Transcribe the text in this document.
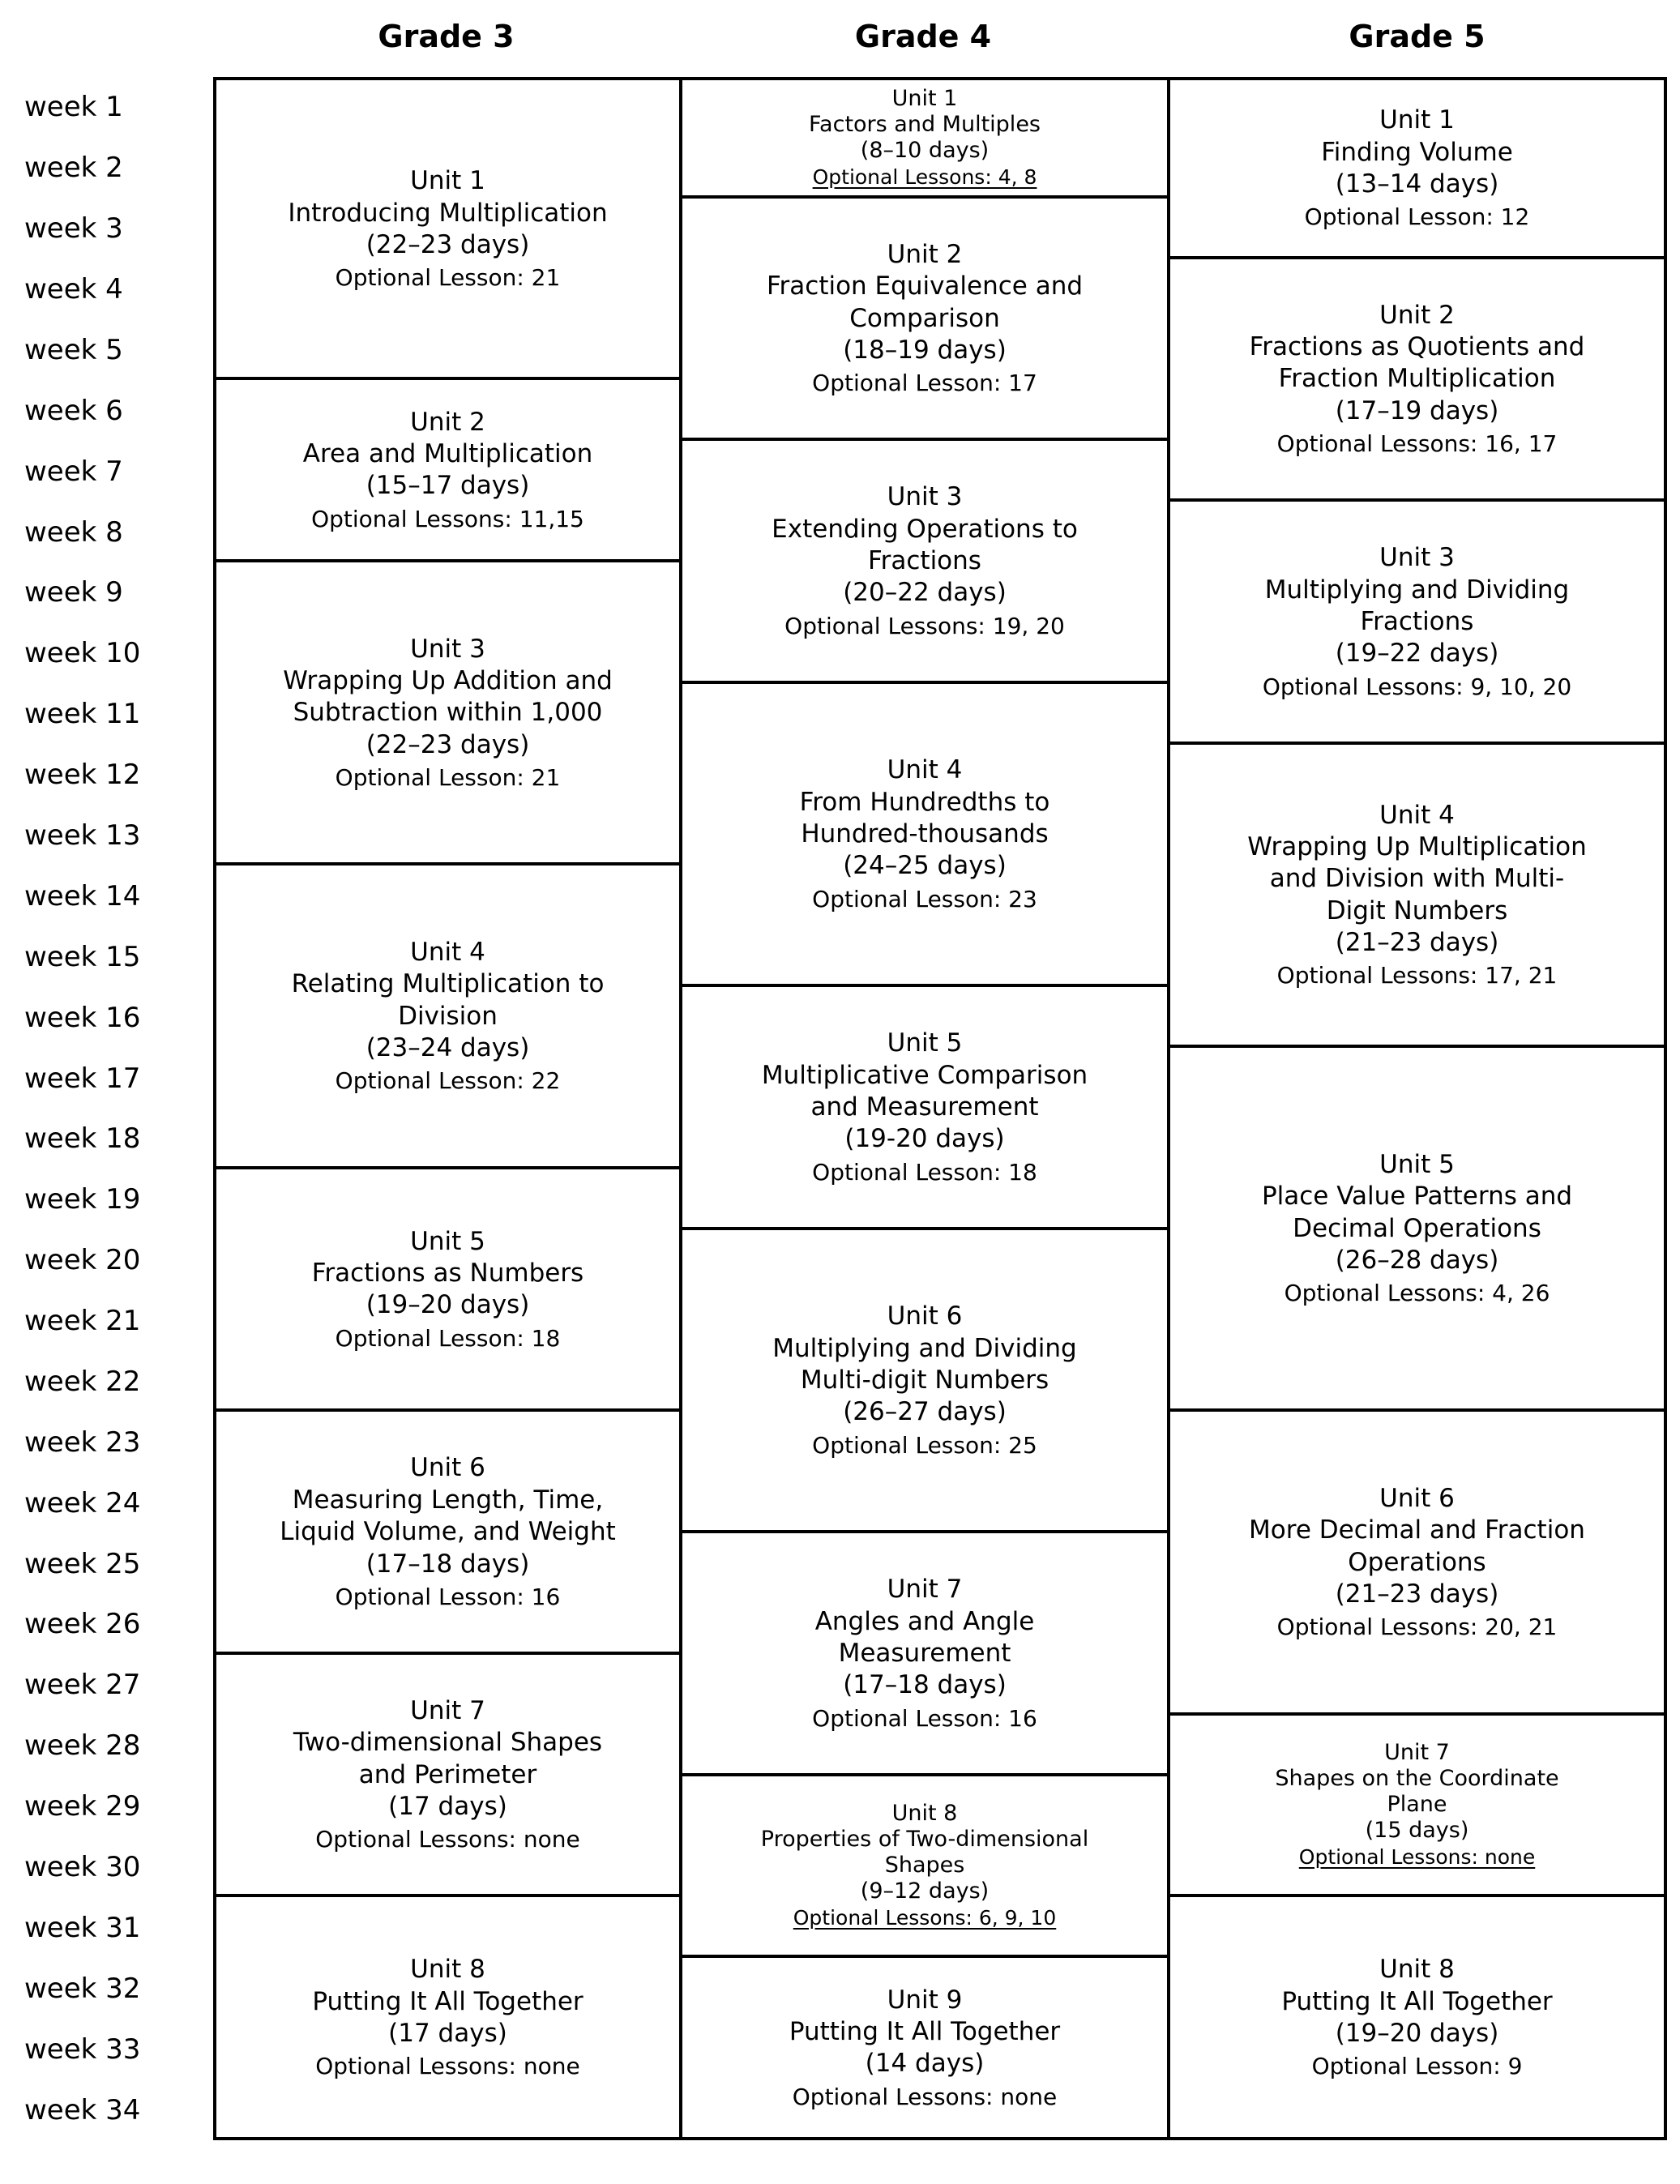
Grade 3	Grade 4	Grade 5
week 1
week 2
week 3
week 4
week 5
week 6
week 7
week 8
week 9
week 10
week 11
week 12
week 13
week 14
week 15
week 16
week 17
week 18
week 19
week 20
week 21
week 22
week 23
week 24
week 25
week 26
week 27
week 28
week 29
week 30
week 31
week 32
week 33
week 34
Unit 1
Introducing Multiplication
(22–23 days)
Optional Lesson: 21
Unit 2
Area and Multiplication
(15–17 days)
Optional Lessons: 11,15
Unit 3
Wrapping Up Addition and
Subtraction within 1,000
(22–23 days)
Optional Lesson: 21
Unit 4
Relating Multiplication to
Division
(23–24 days)
Optional Lesson: 22
Unit 5
Fractions as Numbers
(19–20 days)
Optional Lesson: 18
Unit 6
Measuring Length, Time,
Liquid Volume, and Weight
(17–18 days)
Optional Lesson: 16
Unit 7
Two-dimensional Shapes
and Perimeter
(17 days)
Optional Lessons: none
Unit 8
Putting It All Together
(17 days)
Optional Lessons: none
Unit 1
Factors and Multiples
(8–10 days)
Optional Lessons: 4, 8
Unit 2
Fraction Equivalence and
Comparison
(18–19 days)
Optional Lesson: 17
Unit 3
Extending Operations to
Fractions
(20–22 days)
Optional Lessons: 19, 20
Unit 4
From Hundredths to
Hundred-thousands
(24–25 days)
Optional Lesson: 23
Unit 5
Multiplicative Comparison
and Measurement
(19-20 days)
Optional Lesson: 18
Unit 6
Multiplying and Dividing
Multi-digit Numbers
(26–27 days)
Optional Lesson: 25
Unit 7
Angles and Angle
Measurement
(17–18 days)
Optional Lesson: 16
Unit 8
Properties of Two-dimensional
Shapes
(9–12 days)
Optional Lessons: 6, 9, 10
Unit 9
Putting It All Together
(14 days)
Optional Lessons: none
Unit 1
Finding Volume
(13–14 days)
Optional Lesson: 12
Unit 2
Fractions as Quotients and
Fraction Multiplication
(17–19 days)
Optional Lessons: 16, 17
Unit 3
Multiplying and Dividing
Fractions
(19–22 days)
Optional Lessons: 9, 10, 20
Unit 4
Wrapping Up Multiplication
and Division with Multi-
Digit Numbers
(21–23 days)
Optional Lessons: 17, 21
Unit 5
Place Value Patterns and
Decimal Operations
(26–28 days)
Optional Lessons: 4, 26
Unit 6
More Decimal and Fraction
Operations
(21–23 days)
Optional Lessons: 20, 21
Unit 7
Shapes on the Coordinate
Plane
(15 days)
Optional Lessons: none
Unit 8
Putting It All Together
(19–20 days)
Optional Lesson: 9
